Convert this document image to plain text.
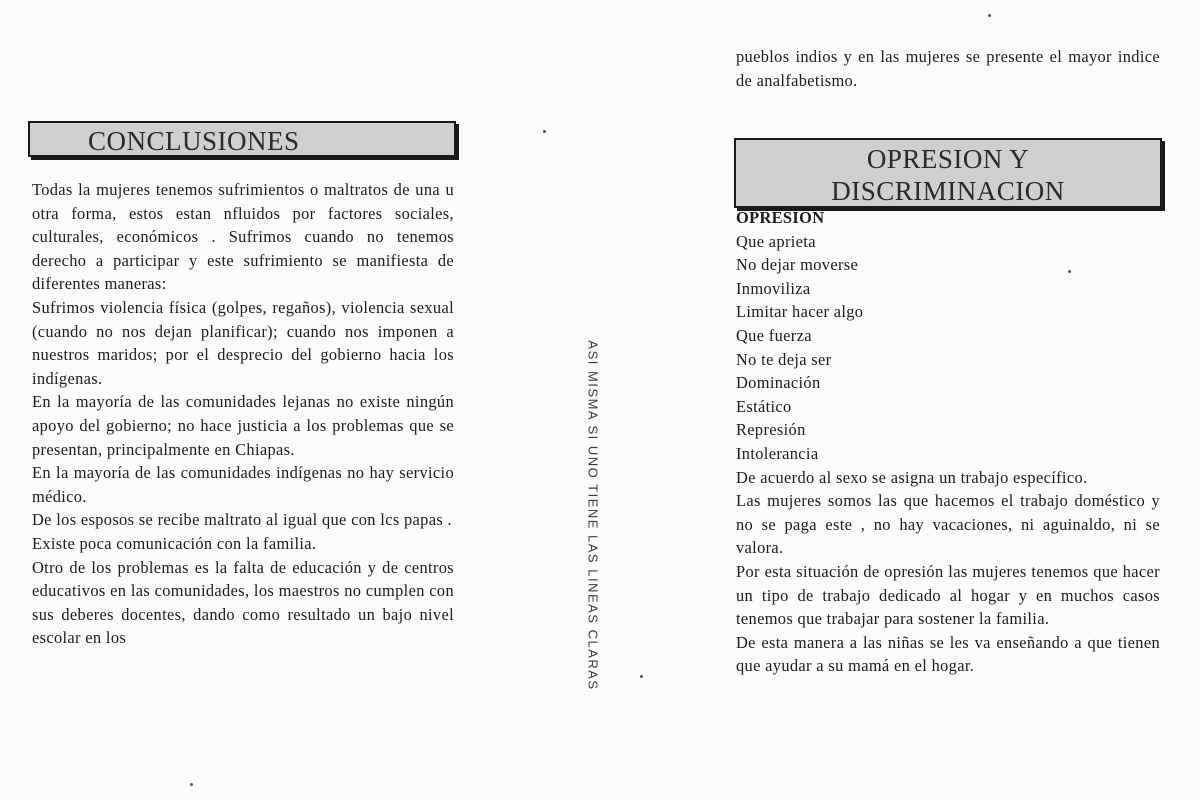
CONCLUSIONES

Todas la mujeres tenemos sufrimientos o maltratos de una u otra forma, estos estan nfluidos por factores sociales, culturales, económicos . Sufrimos cuando no tenemos derecho a participar y este sufrimiento se manifiesta de diferentes maneras:

Sufrimos violencia física (golpes, regaños), violencia sexual (cuando no nos dejan planificar); cuando nos imponen a nuestros maridos; por el desprecio del gobierno hacia los indígenas.

En la mayoría de las comunidades lejanas no existe ningún apoyo del gobierno; no hace justicia a los problemas que se presentan, principalmente en Chiapas.

En la mayoría de las comunidades indígenas no hay servicio médico.

De los esposos se recibe maltrato al igual que con lcs papas .

Existe poca comunicación con la familia.

Otro de los problemas es la falta de educación y de centros educativos en las comunidades, los maestros no cumplen con sus deberes docentes, dando como resultado un bajo nivel escolar en los	ASI MISMA SI UNO TIENE LAS LINEAS CLARAS

pueblos indios y en las mujeres se presente el mayor indice de analfabetismo.

OPRESION Y
DISCRIMINACION
OPRESION
Que aprieta
No dejar moverse
Inmoviliza
Limitar hacer algo
Que fuerza
No te deja ser
Dominación
Estático
Represión
Intolerancia

De acuerdo al sexo se asigna un trabajo específico.

Las mujeres somos las que hacemos el trabajo doméstico y no se paga este , no hay vacaciones, ni aguinaldo, ni se valora.

Por esta situación de opresión las mujeres tenemos que hacer un tipo de trabajo dedicado al hogar y en muchos casos tenemos que trabajar para sostener la familia.

De esta manera a las niñas se les va enseñando a que tienen que ayudar a su mamá en el hogar.
